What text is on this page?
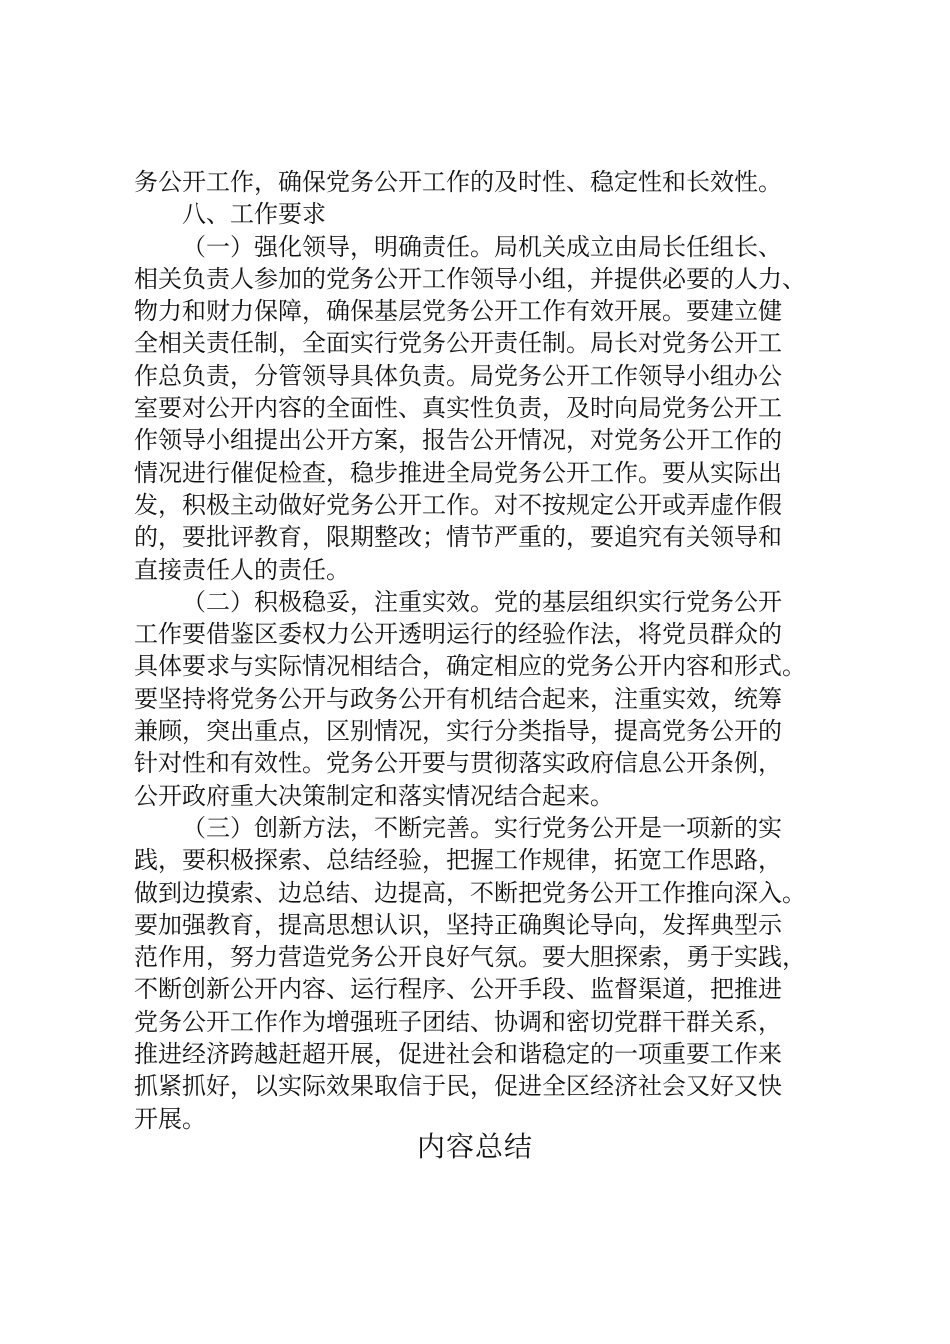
务公开工作，确保党务公开工作的及时性、稳定性和长效性。
八、工作要求
（一）强化领导，明确责任。局机关成立由局长任组长、
相关负责人参加的党务公开工作领导小组，并提供必要的人力、
物力和财力保障，确保基层党务公开工作有效开展。要建立健
全相关责任制，全面实行党务公开责任制。局长对党务公开工
作总负责，分管领导具体负责。局党务公开工作领导小组办公
室要对公开内容的全面性、真实性负责，及时向局党务公开工
作领导小组提出公开方案，报告公开情况，对党务公开工作的
情况进行催促检查，稳步推进全局党务公开工作。要从实际出
发，积极主动做好党务公开工作。对不按规定公开或弄虚作假
的，要批评教育，限期整改；情节严重的，要追究有关领导和
直接责任人的责任。
（二）积极稳妥，注重实效。党的基层组织实行党务公开
工作要借鉴区委权力公开透明运行的经验作法，将党员群众的
具体要求与实际情况相结合，确定相应的党务公开内容和形式。
要坚持将党务公开与政务公开有机结合起来，注重实效，统筹
兼顾，突出重点，区别情况，实行分类指导，提高党务公开的
针对性和有效性。党务公开要与贯彻落实政府信息公开条例，
公开政府重大决策制定和落实情况结合起来。
（三）创新方法，不断完善。实行党务公开是一项新的实
践，要积极探索、总结经验，把握工作规律，拓宽工作思路，
做到边摸索、边总结、边提高，不断把党务公开工作推向深入。
要加强教育，提高思想认识，坚持正确舆论导向，发挥典型示
范作用，努力营造党务公开良好气氛。要大胆探索，勇于实践，
不断创新公开内容、运行程序、公开手段、监督渠道，把推进
党务公开工作作为增强班子团结、协调和密切党群干群关系，
推进经济跨越赶超开展，促进社会和谐稳定的一项重要工作来
抓紧抓好，以实际效果取信于民，促进全区经济社会又好又快
开展。
内容总结
